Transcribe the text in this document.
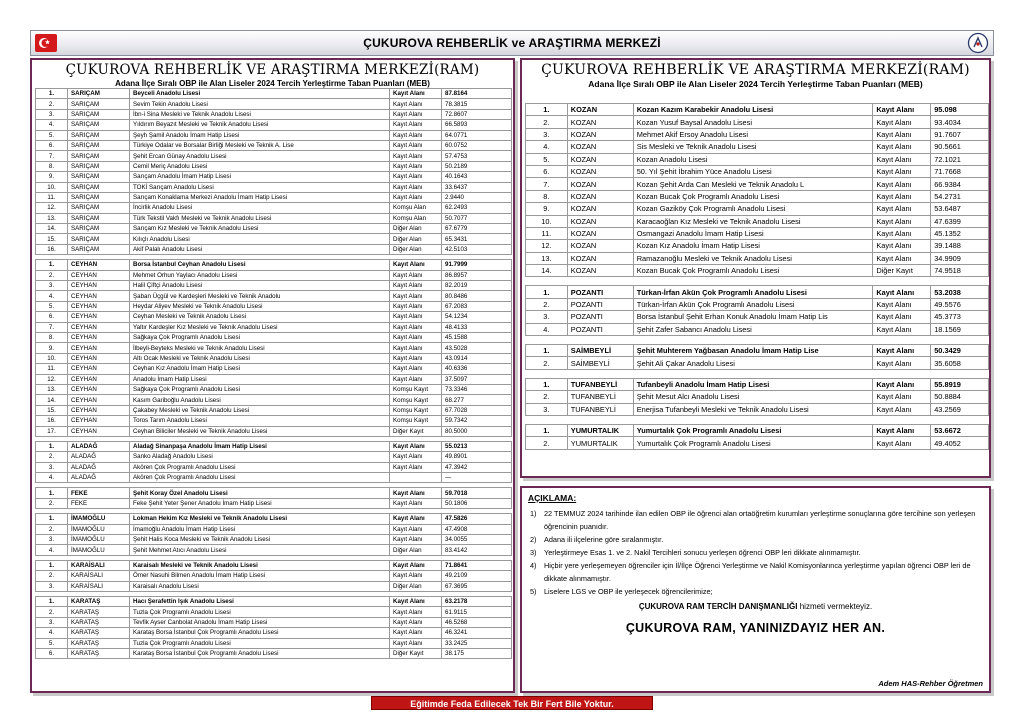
ÇUKUROVA REHBERLİK ve ARAŞTIRMA MERKEZİ
ÇUKUROVA REHBERLİK VE ARAŞTIRMA MERKEZİ(RAM)
Adana İlçe Sıralı OBP ile Alan Liseler 2024 Tercih Yerleştirme Taban Puanları (MEB)
1.	SARIÇAM	Beyceli Anadolu Lisesi	Kayıt Alanı	87.8164
2.	SARIÇAM	Sevim Tekin Anadolu Lisesi	Kayıt Alanı	78.3815
3.	SARIÇAM	İbn-i Sina Mesleki ve Teknik Anadolu Lisesi	Kayıt Alanı	72.8607
4.	SARIÇAM	Yıldırım Beyazıt Mesleki ve Teknik Anadolu Lisesi	Kayıt Alanı	66.5893
5.	SARIÇAM	Şeyh Şamil Anadolu İmam Hatip Lisesi	Kayıt Alanı	64.0771
6.	SARIÇAM	Türkiye Odalar ve Borsalar Birliği Mesleki ve Teknik A. Lise	Kayıt Alanı	60.0752
7.	SARIÇAM	Şehit Ercan Günay Anadolu Lisesi	Kayıt Alanı	57.4753
8.	SARIÇAM	Cemil Meriç Anadolu Lisesi	Kayıt Alanı	50.2189
9.	SARIÇAM	Sarıçam Anadolu İmam Hatip Lisesi	Kayıt Alanı	40.1643
10.	SARIÇAM	TOKİ Sarıçam Anadolu Lisesi	Kayıt Alanı	33.6437
11.	SARIÇAM	Sarıçam Konaklama Merkezi Anadolu İmam Hatip Lisesi	Kayıt Alanı	2.9440
12.	SARIÇAM	İncirlik Anadolu Lisesi	Komşu Alan	62.2493
13.	SARIÇAM	Türk Tekstil Vakfı Mesleki ve Teknik Anadolu Lisesi	Komşu Alan	50.7077
14.	SARIÇAM	Sarıçam Kız Mesleki ve Teknik Anadolu Lisesi	Diğer Alan	67.6779
15.	SARIÇAM	Kılıçlı Anadolu Lisesi	Diğer Alan	65.3431
16.	SARIÇAM	Akif Palalı Anadolu Lisesi	Diğer Alan	42.5103

1.	CEYHAN	Borsa İstanbul Ceyhan Anadolu Lisesi	Kayıt Alanı	91.7999
2.	CEYHAN	Mehmet Orhun Yaylacı Anadolu Lisesi	Kayıt Alanı	86.8957
3.	CEYHAN	Halil Çiftçi Anadolu Lisesi	Kayıt Alanı	82.2019
4.	CEYHAN	Şaban Üçgül ve Kardeşleri Mesleki ve Teknik Anadolu	Kayıt Alanı	80.8486
5.	CEYHAN	Heydar Aliyev Mesleki ve Teknik Anadolu Lisesi	Kayıt Alanı	67.2083
6.	CEYHAN	Ceyhan Mesleki ve Teknik Anadolu Lisesi	Kayıt Alanı	54.1234
7.	CEYHAN	Yaltır Kardeşler Kız Mesleki ve Teknik Anadolu Lisesi	Kayıt Alanı	48.4133
8.	CEYHAN	Sağkaya Çok Programlı Anadolu Lisesi	Kayıt Alanı	45.1588
9.	CEYHAN	İlbeyli-Beyteks Mesleki ve Teknik Anadolu Lisesi	Kayıt Alanı	43.5028
10.	CEYHAN	Altı Ocak Mesleki ve Teknik Anadolu Lisesi	Kayıt Alanı	43.0914
11.	CEYHAN	Ceyhan Kız Anadolu İmam Hatip Lisesi	Kayıt Alanı	40.6336
12.	CEYHAN	Anadolu İmam Hatip Lisesi	Kayıt Alanı	37.5097
13.	CEYHAN	Sağkaya Çok Programlı Anadolu Lisesi	Komşu Kayıt	73.3346
14.	CEYHAN	Kasım Gariboğlu Anadolu Lisesi	Komşu Kayıt	68.277
15.	CEYHAN	Çakabey Mesleki ve Teknik Anadolu Lisesi	Komşu Kayıt	67.7028
16.	CEYHAN	Toros Tarım Anadolu Lisesi	Komşu Kayıt	59.7342
17.	CEYHAN	Ceyhan Biliciler Mesleki ve Teknik Anadolu Lisesi	Diğer Kayıt	80.5000

1.	ALADAĞ	Aladağ Sinanpaşa Anadolu İmam Hatip Lisesi	Kayıt Alanı	55.0213
2.	ALADAĞ	Sanko Aladağ Anadolu Lisesi	Kayıt Alanı	49.8901
3.	ALADAĞ	Akören Çok Programlı Anadolu Lisesi	Kayıt Alanı	47.3942
4.	ALADAĞ	Akören Çok Programlı Anadolu Lisesi		—

1.	FEKE	Şehit Koray Özel Anadolu Lisesi	Kayıt Alanı	59.7018
2.	FEKE	Feke Şehit Yeter Şener Anadolu İmam Hatip Lisesi	Kayıt Alanı	50.1806

1.	İMAMOĞLU	Lokman Hekim Kız Mesleki ve Teknik Anadolu Lisesi	Kayıt Alanı	47.5826
2.	İMAMOĞLU	İmamoğlu Anadolu İmam Hatip Lisesi	Kayıt Alanı	47.4908
3.	İMAMOĞLU	Şehit Halis Koca Mesleki ve Teknik Anadolu Lisesi	Kayıt Alanı	34.0055
4.	İMAMOĞLU	Şehit Mehmet Atıcı Anadolu Lisesi	Diğer Alan	83.4142

1.	KARAİSALI	Karaisalı Mesleki ve Teknik Anadolu Lisesi	Kayıt Alanı	71.8641
2.	KARAİSALI	Ömer Nasuhi Bilmen Anadolu İmam Hatip Lisesi	Kayıt Alanı	49.2109
3.	KARAİSALI	Karaisalı Anadolu Lisesi	Diğer Alan	67.3695

1.	KARATAŞ	Hacı Şerafettin Işık Anadolu Lisesi	Kayıt Alanı	63.2178
2.	KARATAŞ	Tuzla Çok Programlı Anadolu Lisesi	Kayıt Alanı	61.9115
3.	KARATAŞ	Tevfik Ayser Canbolat Anadolu İmam Hatip Lisesi	Kayıt Alanı	46.5268
4.	KARATAŞ	Karataş Borsa İstanbul Çok Programlı Anadolu Lisesi	Kayıt Alanı	46.3241
5.	KARATAŞ	Tuzla Çok Programlı Anadolu Lisesi	Kayıt Alanı	33.2425
6.	KARATAŞ	Karataş Borsa İstanbul Çok Programlı Anadolu Lisesi	Diğer Kayıt	38.175
ÇUKUROVA REHBERLİK VE ARAŞTIRMA MERKEZİ(RAM)
Adana İlçe Sıralı OBP ile Alan Liseler 2024 Tercih Yerleştirme Taban Puanları (MEB)
1.	KOZAN	Kozan Kazım Karabekir Anadolu Lisesi	Kayıt Alanı	95.098
2.	KOZAN	Kozan Yusuf Baysal Anadolu Lisesi	Kayıt Alanı	93.4034
3.	KOZAN	Mehmet Akif Ersoy Anadolu Lisesi	Kayıt Alanı	91.7607
4.	KOZAN	Sis Mesleki ve Teknik Anadolu Lisesi	Kayıt Alanı	90.5661
5.	KOZAN	Kozan Anadolu Lisesi	Kayıt Alanı	72.1021
6.	KOZAN	50. Yıl Şehit İbrahim Yüce Anadolu Lisesi	Kayıt Alanı	71.7668
7.	KOZAN	Kozan Şehit Arda Can Mesleki ve Teknik Anadolu L	Kayıt Alanı	66.9384
8.	KOZAN	Kozan Bucak Çok Programlı Anadolu Lisesi	Kayıt Alanı	54.2731
9.	KOZAN	Kozan Gaziköy Çok Programlı Anadolu Lisesi	Kayıt Alanı	53.6487
10.	KOZAN	Karacaoğlan Kız Mesleki ve Teknik Anadolu Lisesi	Kayıt Alanı	47.6399
11.	KOZAN	Osmangazi Anadolu İmam Hatip Lisesi	Kayıt Alanı	45.1352
12.	KOZAN	Kozan Kız Anadolu İmam Hatip Lisesi	Kayıt Alanı	39.1488
13.	KOZAN	Ramazanoğlu Mesleki ve Teknik Anadolu Lisesi	Kayıt Alanı	34.9909
14.	KOZAN	Kozan Bucak Çok Programlı Anadolu Lisesi	Diğer Kayıt	74.9518

1.	POZANTI	Türkan-İrfan Akün Çok Programlı Anadolu Lisesi	Kayıt Alanı	53.2038
2.	POZANTI	Türkan-İrfan Akün Çok Programlı Anadolu Lisesi	Kayıt Alanı	49.5576
3.	POZANTI	Borsa İstanbul Şehit Erhan Konuk Anadolu İmam Hatip Lis	Kayıt Alanı	45.3773
4.	POZANTI	Şehit Zafer Sabancı Anadolu Lisesi	Kayıt Alanı	18.1569

1.	SAİMBEYLİ	Şehit Muhterem Yağbasan Anadolu İmam Hatip Lise	Kayıt Alanı	50.3429
2.	SAİMBEYLİ	Şehit Ali Çakar Anadolu Lisesi	Kayıt Alanı	35.6058

1.	TUFANBEYLİ	Tufanbeyli Anadolu İmam Hatip Lisesi	Kayıt Alanı	55.8919
2.	TUFANBEYLİ	Şehit Mesut Alcı Anadolu Lisesi	Kayıt Alanı	50.8884
3.	TUFANBEYLİ	Enerjisa Tufanbeyli Mesleki ve Teknik Anadolu Lisesi	Kayıt Alanı	43.2569

1.	YUMURTALIK	Yumurtalık Çok Programlı Anadolu Lisesi	Kayıt Alanı	53.6672
2.	YUMURTALIK	Yumurtalık Çok Programlı Anadolu Lisesi	Kayıt Alanı	49.4052
AÇIKLAMA:
1)	22 TEMMUZ 2024 tarihinde ilan edilen OBP ile öğrenci alan ortaöğretim kurumları yerleştirme sonuçlarına göre tercihine son yerleşen öğrencinin puanıdır.
2)	Adana ili ilçelerine göre sıralanmıştır.
3)	Yerleştirmeye Esas 1. ve 2. Nakil Tercihleri sonucu yerleşen öğrenci OBP leri dikkate alınmamıştır.
4)	Hiçbir yere yerleşemeyen öğrenciler için İl/İlçe Öğrenci Yerleştirme ve Nakil Komisyonlarınca yerleştirme yapılan öğrenci OBP leri de dikkate alınmamıştır.
5)	Liselere LGS ve OBP ile yerleşecek öğrencilerimize;
ÇUKUROVA RAM TERCİH DANIŞMANLIĞI hizmeti vermekteyiz.
ÇUKUROVA RAM, YANINIZDAYIZ HER AN.
Adem HAS-Rehber Öğretmen
Eğitimde Feda Edilecek Tek Bir Fert Bile Yoktur.
